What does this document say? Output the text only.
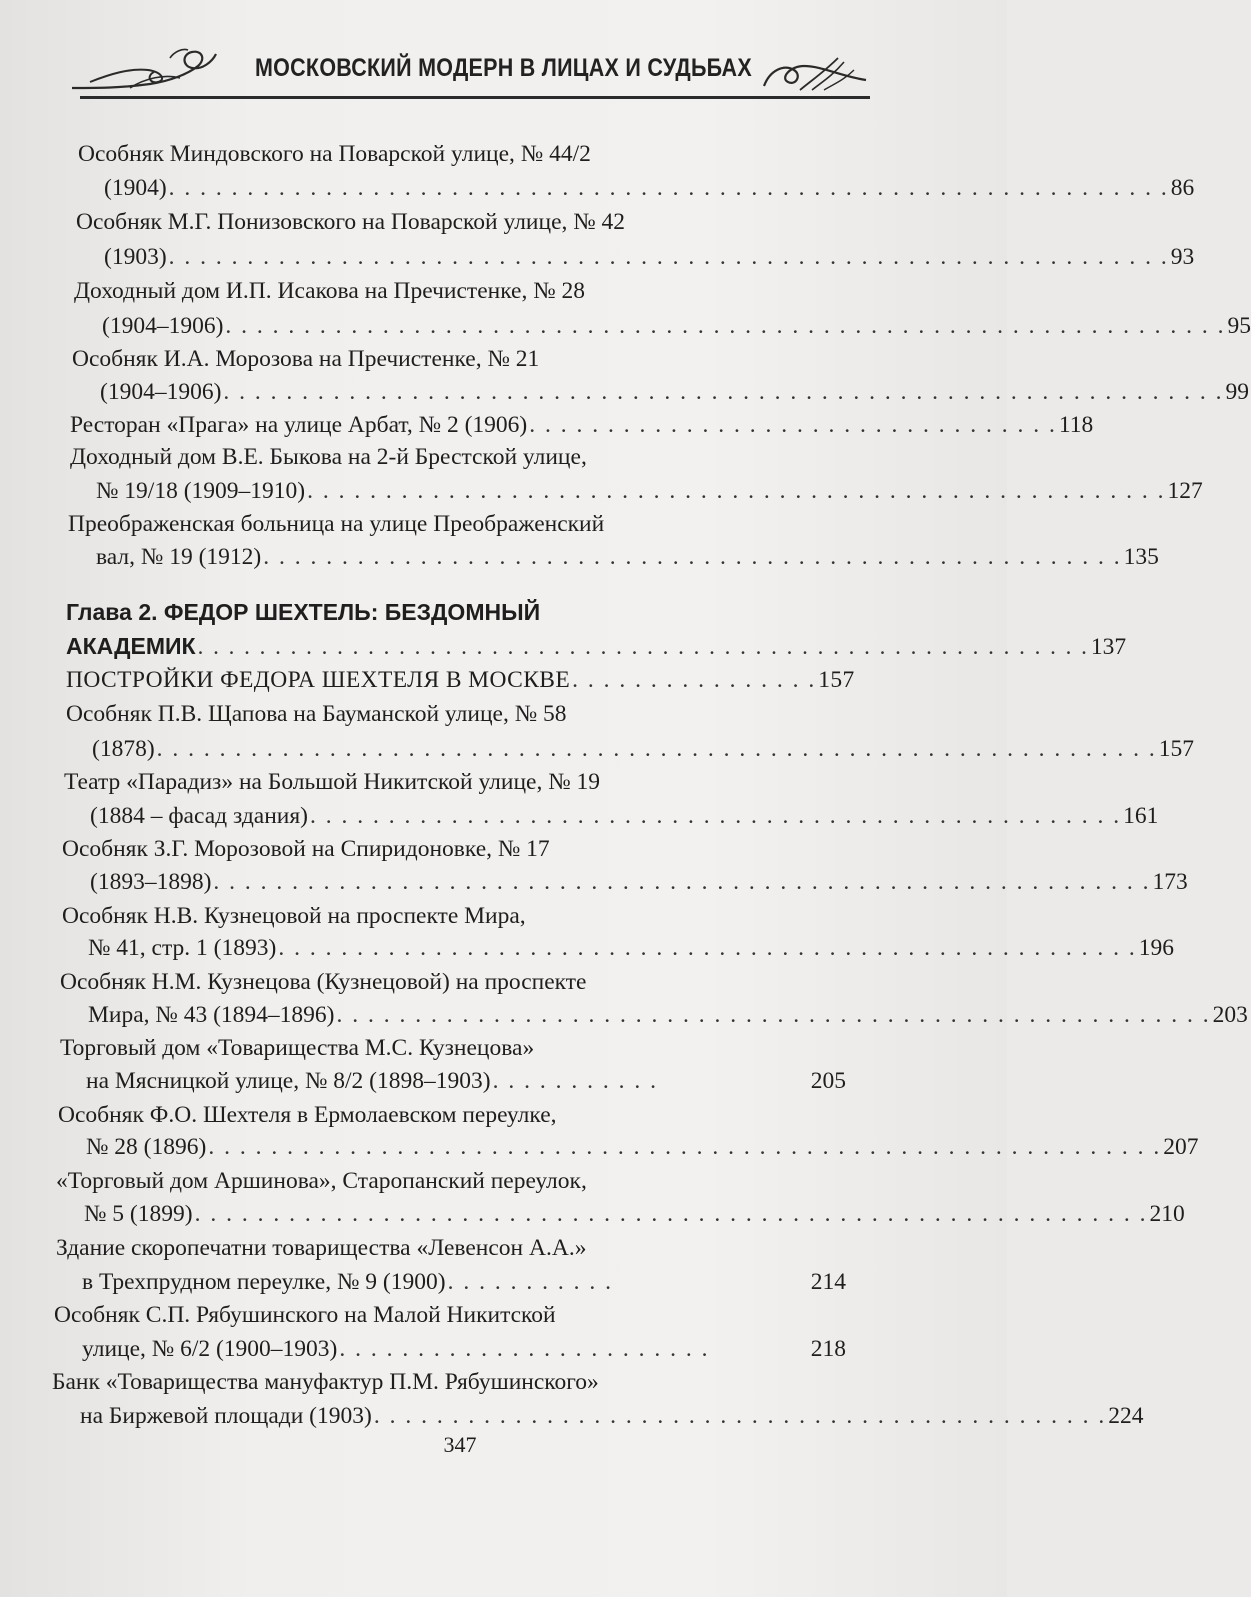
МОСКОВСКИЙ МОДЕРН В ЛИЦАХ И СУДЬБАХ
Особняк Миндовского на Поварской улице, № 44/2
(1904) . . . . . . . . . . . . . . . . . . . . . . . . . . . . . . . . . . . . . . . . . . . . . . . . . . . . . . . . . . . . . . . . 86
Особняк М.Г. Понизовского на Поварской улице, № 42
(1903) . . . . . . . . . . . . . . . . . . . . . . . . . . . . . . . . . . . . . . . . . . . . . . . . . . . . . . . . . . . . . . . . 93
Доходный дом И.П. Исакова на Пречистенке, № 28
(1904–1906) . . . . . . . . . . . . . . . . . . . . . . . . . . . . . . . . . . . . . . . . . . . . . . . . . . . . . . . . . . . . . . . . 95
Особняк И.А. Морозова на Пречистенке, № 21
(1904–1906) . . . . . . . . . . . . . . . . . . . . . . . . . . . . . . . . . . . . . . . . . . . . . . . . . . . . . . . . . . . . . . . . 99
Ресторан «Прага» на улице Арбат, № 2 (1906) . . . . . . . . . . . . . . . . . . . . . . . . . . . . . . . . . . 118
Доходный дом В.Е. Быкова на 2-й Брестской улице,
№ 19/18 (1909–1910) . . . . . . . . . . . . . . . . . . . . . . . . . . . . . . . . . . . . . . . . . . . . . . . . . . . . . . . 127
Преображенская больница на улице Преображенский
вал, № 19 (1912) . . . . . . . . . . . . . . . . . . . . . . . . . . . . . . . . . . . . . . . . . . . . . . . . . . . . . . . 135
Глава 2. ФЕДОР ШЕХТЕЛЬ: БЕЗДОМНЫЙ
АКАДЕМИК . . . . . . . . . . . . . . . . . . . . . . . . . . . . . . . . . . . . . . . . . . . . . . . . . . . . . . . . . . 137
ПОСТРОЙКИ ФЕДОРА ШЕХТЕЛЯ В МОСКВЕ . . . . . . . . . . . . . . . . 157
Особняк П.В. Щапова на Бауманской улице, № 58
(1878) . . . . . . . . . . . . . . . . . . . . . . . . . . . . . . . . . . . . . . . . . . . . . . . . . . . . . . . . . . . . . . . . 157
Театр «Парадиз» на Большой Никитской улице, № 19
(1884 – фасад здания) . . . . . . . . . . . . . . . . . . . . . . . . . . . . . . . . . . . . . . . . . . . . . . . . . . . . 161
Особняк З.Г. Морозовой на Спиридоновке, № 17
(1893–1898) . . . . . . . . . . . . . . . . . . . . . . . . . . . . . . . . . . . . . . . . . . . . . . . . . . . . . . . . . . . . 173
Особняк Н.В. Кузнецовой на проспекте Мира,
№ 41, стр. 1 (1893) . . . . . . . . . . . . . . . . . . . . . . . . . . . . . . . . . . . . . . . . . . . . . . . . . . . . . . . 196
Особняк Н.М. Кузнецова (Кузнецовой) на проспекте
Мира, № 43 (1894–1896) . . . . . . . . . . . . . . . . . . . . . . . . . . . . . . . . . . . . . . . . . . . . . . . . . . . . . . . . 203
Торговый дом «Товарищества М.С. Кузнецова»
на Мясницкой улице, № 8/2 (1898–1903) . . . . . . . . . . .	205
Особняк Ф.О. Шехтеля в Ермолаевском переулке,
№ 28 (1896) . . . . . . . . . . . . . . . . . . . . . . . . . . . . . . . . . . . . . . . . . . . . . . . . . . . . . . . . . . . . . 207
«Торговый дом Аршинова», Старопанский переулок,
№ 5 (1899) . . . . . . . . . . . . . . . . . . . . . . . . . . . . . . . . . . . . . . . . . . . . . . . . . . . . . . . . . . . . . 210
Здание скоропечатни товарищества «Левенсон А.А.»
в Трехпрудном переулке, № 9 (1900) . . . . . . . . . . .	214
Особняк С.П. Рябушинского на Малой Никитской
улице, № 6/2 (1900–1903) . . . . . . . . . . . . . . . . . . . . . . . .	218
Банк «Товарищества мануфактур П.М. Рябушинского»
на Биржевой площади (1903) . . . . . . . . . . . . . . . . . . . . . . . . . . . . . . . . . . . . . . . . . . . . . . . 224
347
